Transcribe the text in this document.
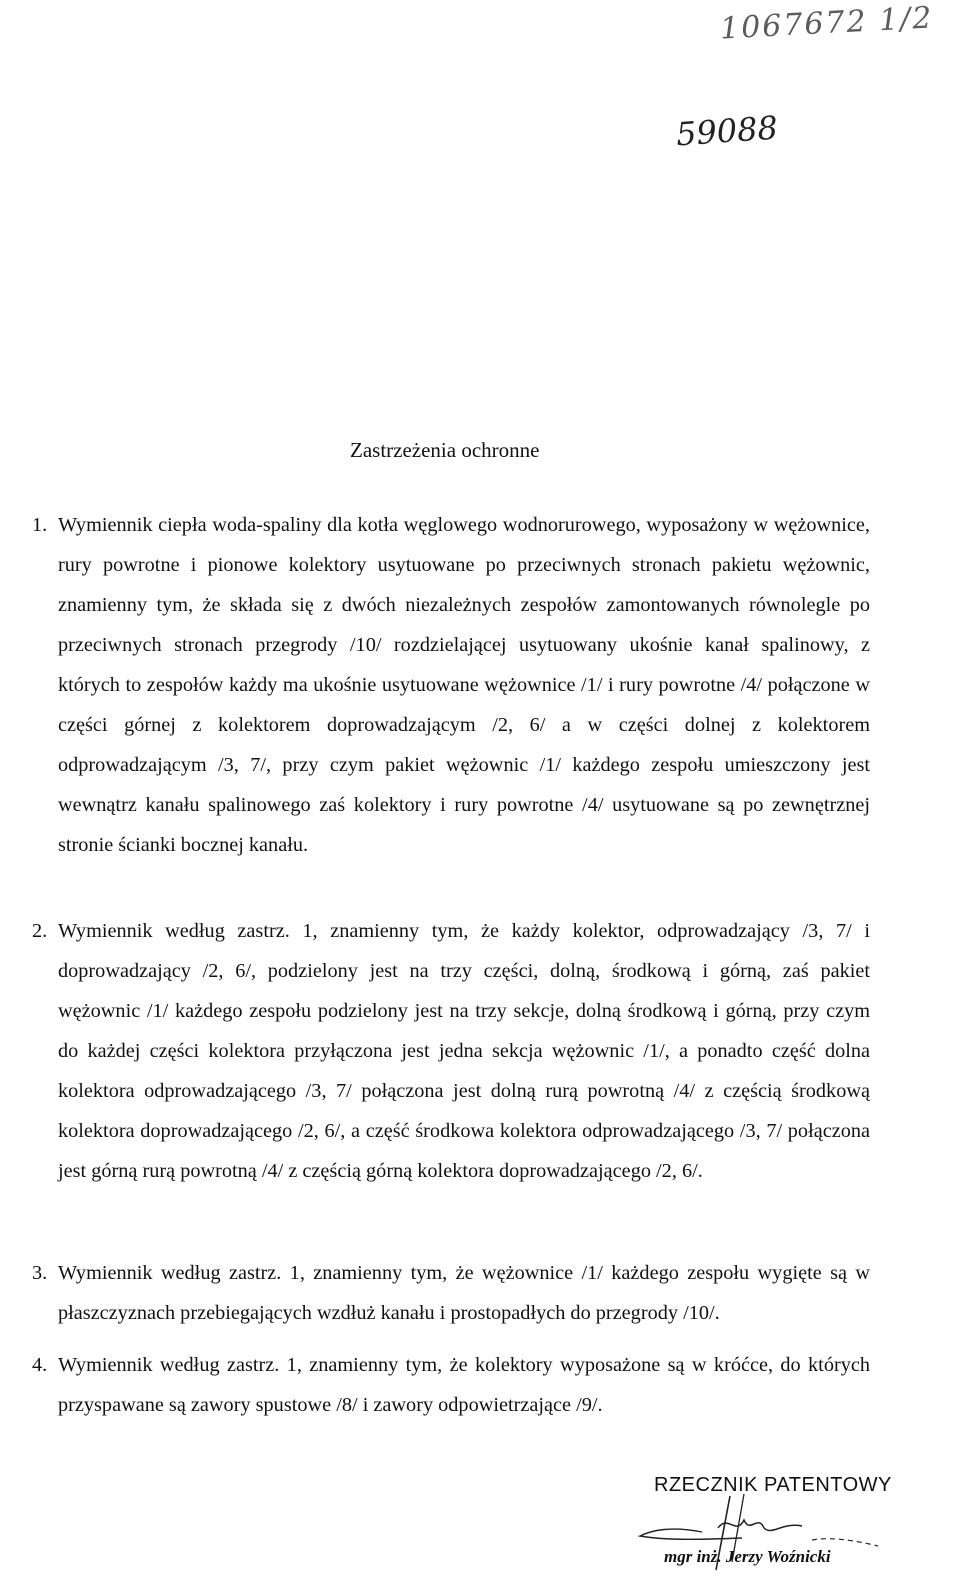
1067672 1/2
59088
Zastrzeżenia ochronne
1. Wymiennik ciepła woda-spaliny dla kotła węglowego wodnorurowego, wyposażony w wężownice, rury powrotne i pionowe kolektory usytuowane po przeciwnych stronach pakietu wężownic, znamienny tym, że składa się z dwóch niezależnych zespołów zamontowanych równolegle po przeciwnych stronach przegrody /10/ rozdzielającej usytuowany ukośnie kanał spalinowy, z których to zespołów każdy ma ukośnie usytuowane wężownice /1/ i rury powrotne /4/ połączone w części górnej z kolektorem doprowadzającym /2, 6/ a w części dolnej z kolektorem odprowadzającym /3, 7/, przy czym pakiet wężownic /1/ każdego zespołu umieszczony jest wewnątrz kanału spalinowego zaś kolektory i rury powrotne /4/ usytuowane są po zewnętrznej stronie ścianki bocznej kanału.

2. Wymiennik według zastrz. 1, znamienny tym, że każdy kolektor, odprowadzający /3, 7/ i doprowadzający /2, 6/, podzielony jest na trzy części, dolną, środkową i górną, zaś pakiet wężownic /1/ każdego zespołu podzielony jest na trzy sekcje, dolną środkową i górną, przy czym do każdej części kolektora przyłączona jest jedna sekcja wężownic /1/, a ponadto część dolna kolektora odprowadzającego /3, 7/ połączona jest dolną rurą powrotną /4/ z częścią środkową kolektora doprowadzającego /2, 6/, a część środkowa kolektora odprowadzającego /3, 7/ połączona jest górną rurą powrotną /4/ z częścią górną kolektora doprowadzającego /2, 6/.

3. Wymiennik według zastrz. 1, znamienny tym, że wężownice /1/ każdego zespołu wygięte są w płaszczyznach przebiegających wzdłuż kanału i prostopadłych do przegrody /10/.

4. Wymiennik według zastrz. 1, znamienny tym, że kolektory wyposażone są w króćce, do których przyspawane są zawory spustowe /8/ i zawory odpowietrzające /9/.

RZECZNIK PATENTOWY
mgr inż. Jerzy Woźnicki
